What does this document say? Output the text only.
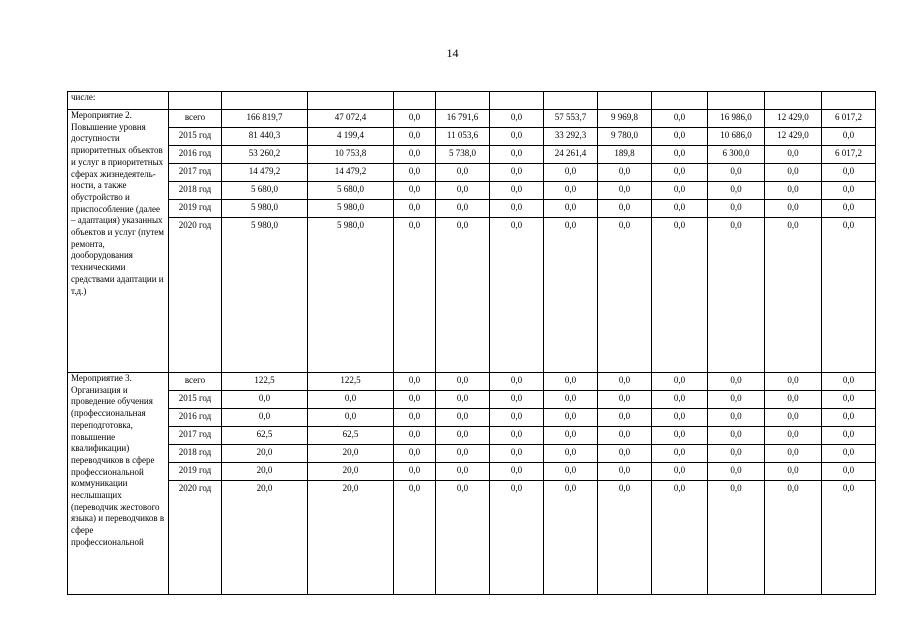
14
числе:												
Мероприятие 2. Повышение уровня доступности приоритетных объектов и услуг в приоритетных сферах жизнедеятель-ности, а также обустройство и приспособление (далее – адаптация) указанных объектов и услуг (путем ремонта, дооборудования техническими средствами адаптации и т.д.)	всего	166 819,7	47 072,4	0,0	16 791,6	0,0	57 553,7	9 969,8	0,0	16 986,0	12 429,0	6 017,2
	2015 год	81 440,3	4 199,4	0,0	11 053,6	0,0	33 292,3	9 780,0	0,0	10 686,0	12 429,0	0,0
	2016 год	53 260,2	10 753,8	0,0	5 738,0	0,0	24 261,4	189,8	0,0	6 300,0	0,0	6 017,2
	2017 год	14 479,2	14 479,2	0,0	0,0	0,0	0,0	0,0	0,0	0,0	0,0	0,0
	2018 год	5 680,0	5 680,0	0,0	0,0	0,0	0,0	0,0	0,0	0,0	0,0	0,0
	2019 год	5 980,0	5 980,0	0,0	0,0	0,0	0,0	0,0	0,0	0,0	0,0	0,0
	2020 год	5 980,0	5 980,0	0,0	0,0	0,0	0,0	0,0	0,0	0,0	0,0	0,0
Мероприятие 3. Организация и проведение обучения (профессиональная переподготовка, повышение квалификации) переводчиков в сфере профессиональной коммуникации неслышащих (переводчик жестового языка) и переводчиков в сфере профессиональной	всего	122,5	122,5	0,0	0,0	0,0	0,0	0,0	0,0	0,0	0,0	0,0
	2015 год	0,0	0,0	0,0	0,0	0,0	0,0	0,0	0,0	0,0	0,0	0,0
	2016 год	0,0	0,0	0,0	0,0	0,0	0,0	0,0	0,0	0,0	0,0	0,0
	2017 год	62,5	62,5	0,0	0,0	0,0	0,0	0,0	0,0	0,0	0,0	0,0
	2018 год	20,0	20,0	0,0	0,0	0,0	0,0	0,0	0,0	0,0	0,0	0,0
	2019 год	20,0	20,0	0,0	0,0	0,0	0,0	0,0	0,0	0,0	0,0	0,0
	2020 год	20,0	20,0	0,0	0,0	0,0	0,0	0,0	0,0	0,0	0,0	0,0
